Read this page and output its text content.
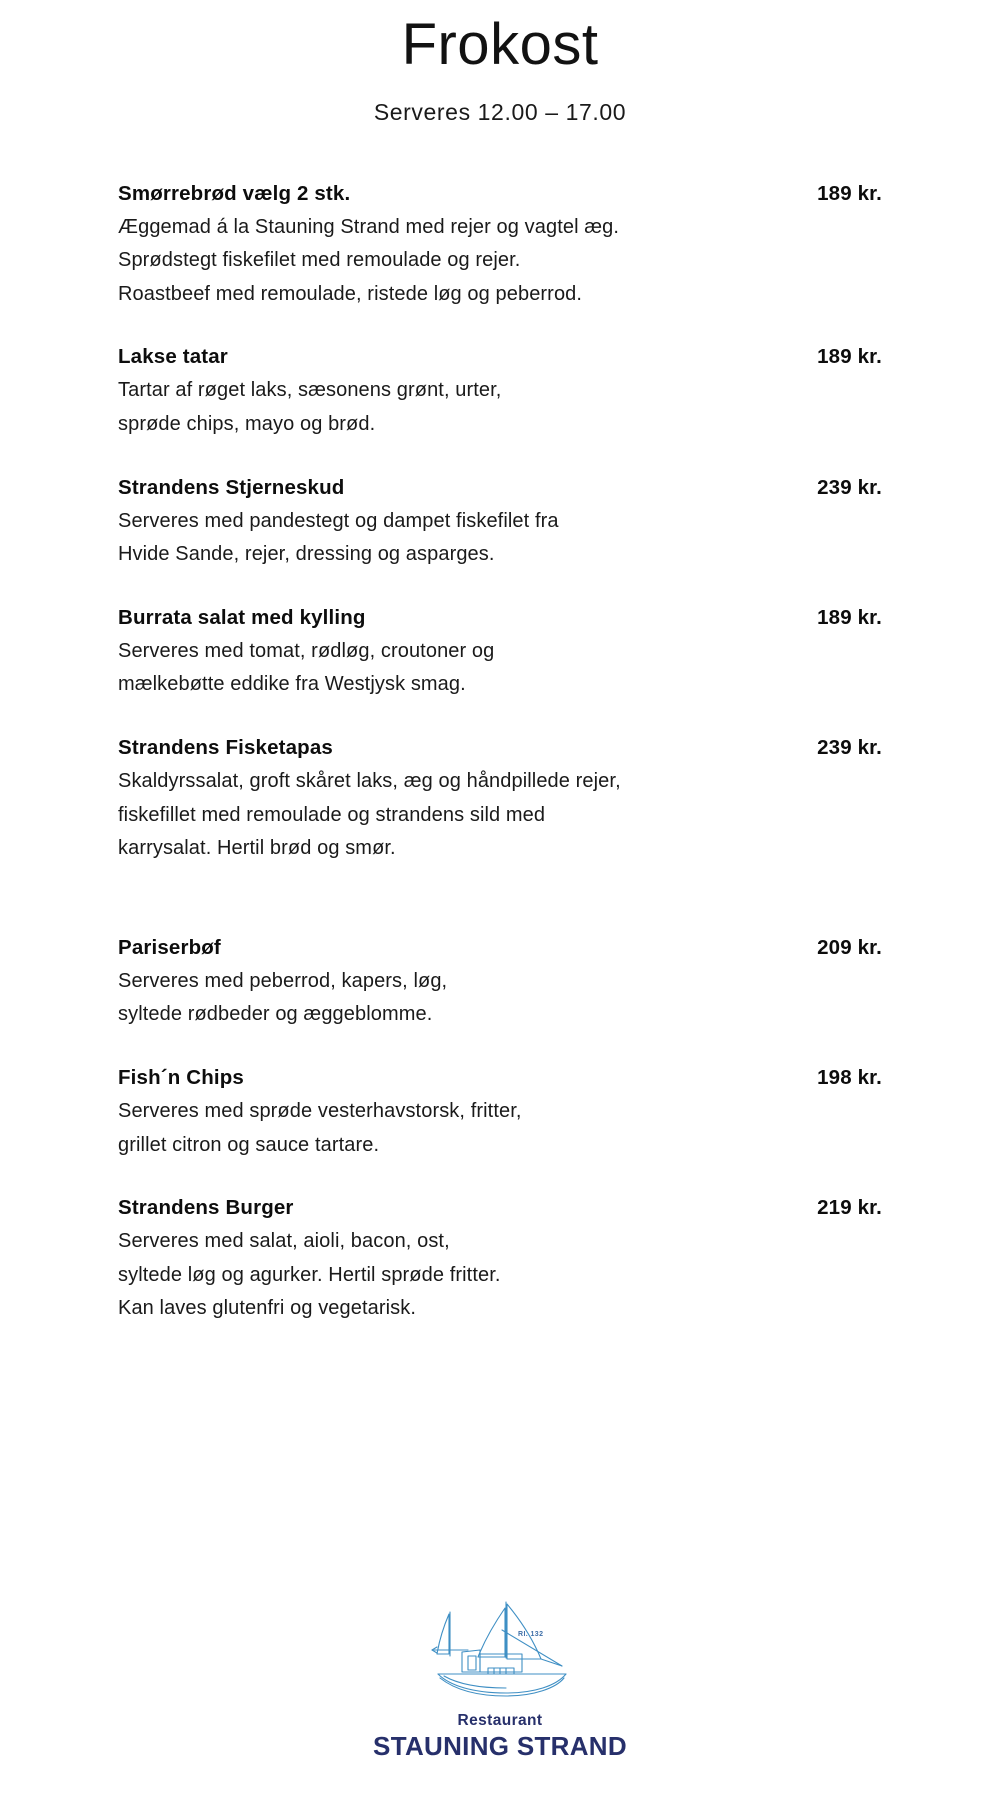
Frokost
Serveres 12.00 – 17.00
Smørrebrød vælg 2 stk.	189 kr.
Æggemad á la Stauning Strand med rejer og vagtel æg.
Sprødstegt fiskefilet med remoulade og rejer.
Roastbeef med remoulade, ristede løg og peberrod.
Lakse tatar	189 kr.
Tartar af røget laks, sæsonens grønt, urter,
sprøde chips, mayo og brød.
Strandens Stjerneskud	239 kr.
Serveres med pandestegt og dampet fiskefilet fra
Hvide Sande, rejer, dressing og asparges.
Burrata salat med kylling	189 kr.
Serveres med tomat, rødløg, croutoner og
mælkebøtte eddike fra Westjysk smag.
Strandens Fisketapas	239 kr.
Skaldyrssalat, groft skåret laks, æg og håndpillede rejer,
fiskefillet med remoulade og strandens sild med
karrysalat. Hertil brød og smør.
Pariserbøf	209 kr.
Serveres med peberrod, kapers, løg,
syltede rødbeder og æggeblomme.
Fish´n Chips	198 kr.
Serveres med sprøde vesterhavstorsk, fritter,
grillet citron og sauce tartare.
Strandens Burger	219 kr.
Serveres med salat, aioli, bacon, ost,
syltede løg og agurker. Hertil sprøde fritter.
Kan laves glutenfri og vegetarisk.
RI. 132
Restaurant
STAUNING STRAND
